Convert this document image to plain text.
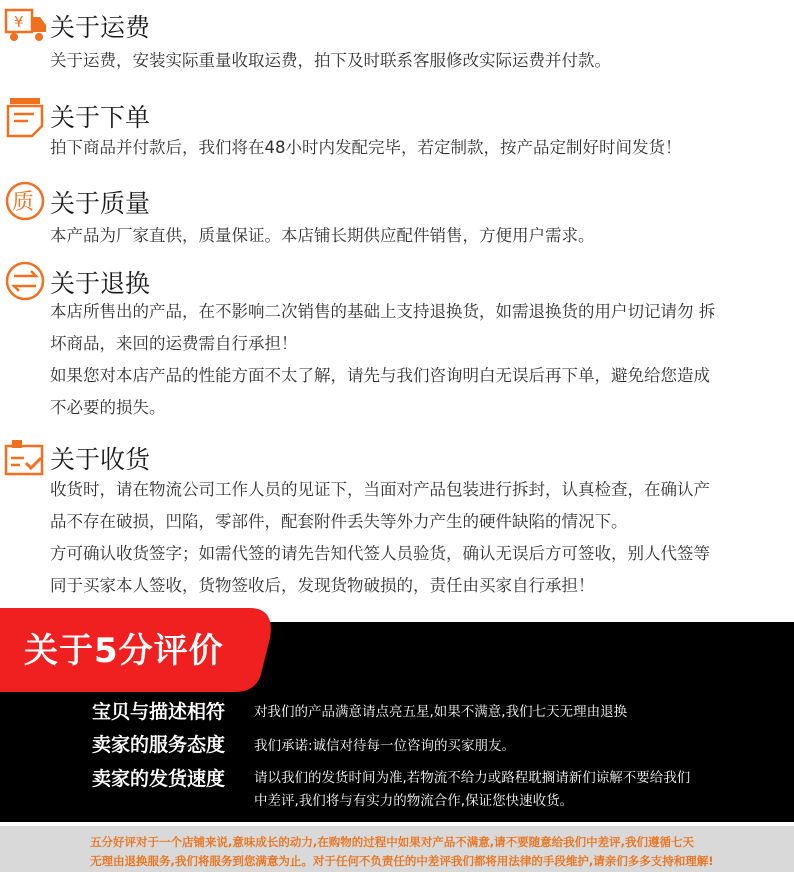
¥ 关于运费
关于运费，安装实际重量收取运费，拍下及时联系客服修改实际运费并付款。
关于下单
拍下商品并付款后，我们将在48小时内发配完毕，若定制款，按产品定制好时间发货！
质 关于质量
本产品为厂家直供，质量保证。本店铺长期供应配件销售，方便用户需求。
关于退换
本店所售出的产品，在不影响二次销售的基础上支持退换货，如需退换货的用户切记请勿 拆
坏商品，来回的运费需自行承担！
如果您对本店产品的性能方面不太了解，请先与我们咨询明白无误后再下单，避免给您造成
不必要的损失。
关于收货
收货时，请在物流公司工作人员的见证下，当面对产品包装进行拆封，认真检查，在确认产
品不存在破损，凹陷，零部件，配套附件丢失等外力产生的硬件缺陷的情况下。
方可确认收货签字；如需代签的请先告知代签人员验货，确认无误后方可签收，别人代签等
同于买家本人签收，货物签收后，发现货物破损的，责任由买家自行承担！
关于5分评价
宝贝与描述相符 对我们的产品满意请点亮五星,如果不满意,我们七天无理由退换
卖家的服务态度 我们承诺:诚信对待每一位咨询的买家朋友。
卖家的发货速度 请以我们的发货时间为准,若物流不给力或路程耽搁请新们谅解不要给我们
中差评,我们将与有实力的物流合作,保证您快速收货。
五分好评对于一个店铺来说,意味成长的动力,在购物的过程中如果对产品不满意,请不要随意给我们中差评,我们遵循七天
无理由退换服务,我们将服务到您满意为止。对于任何不负责任的中差评我们都将用法律的手段维护,请亲们多多支持和理解!
